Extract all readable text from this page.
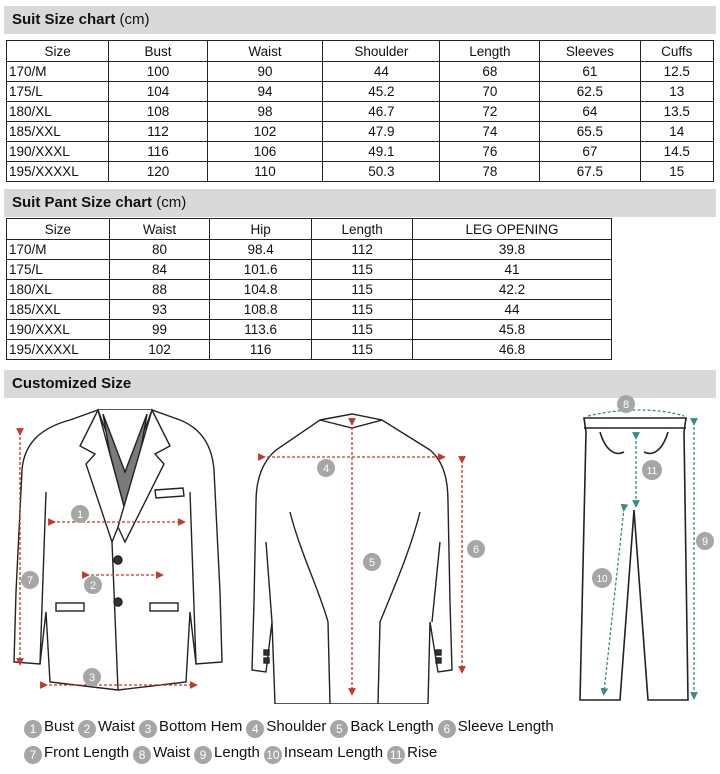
Suit Size chart (cm)
Size	Bust	Waist	Shoulder	Length	Sleeves	Cuffs
170/M	100	90	44	68	61	12.5
175/L	104	94	45.2	70	62.5	13
180/XL	108	98	46.7	72	64	13.5
185/XXL	112	102	47.9	74	65.5	14
190/XXXL	116	106	49.1	76	67	14.5
195/XXXXL	120	110	50.3	78	67.5	15
Suit Pant Size chart (cm)
Size	Waist	Hip	Length	LEG OPENING
170/M	80	98.4	112	39.8
175/L	84	101.6	115	41
180/XL	88	104.8	115	42.2
185/XXL	93	108.8	115	44
190/XXXL	99	113.6	115	45.8
195/XXXXL	102	116	115	46.8
Customized Size
1
2
3
4
5
6
7
8
9
10
11
1 Bust 2 Waist 3 Bottom Hem 4 Shoulder 5 Back Length 6 Sleeve Length
7 Front Length 8 Waist 9 Length 10 Inseam Length 11 Rise
